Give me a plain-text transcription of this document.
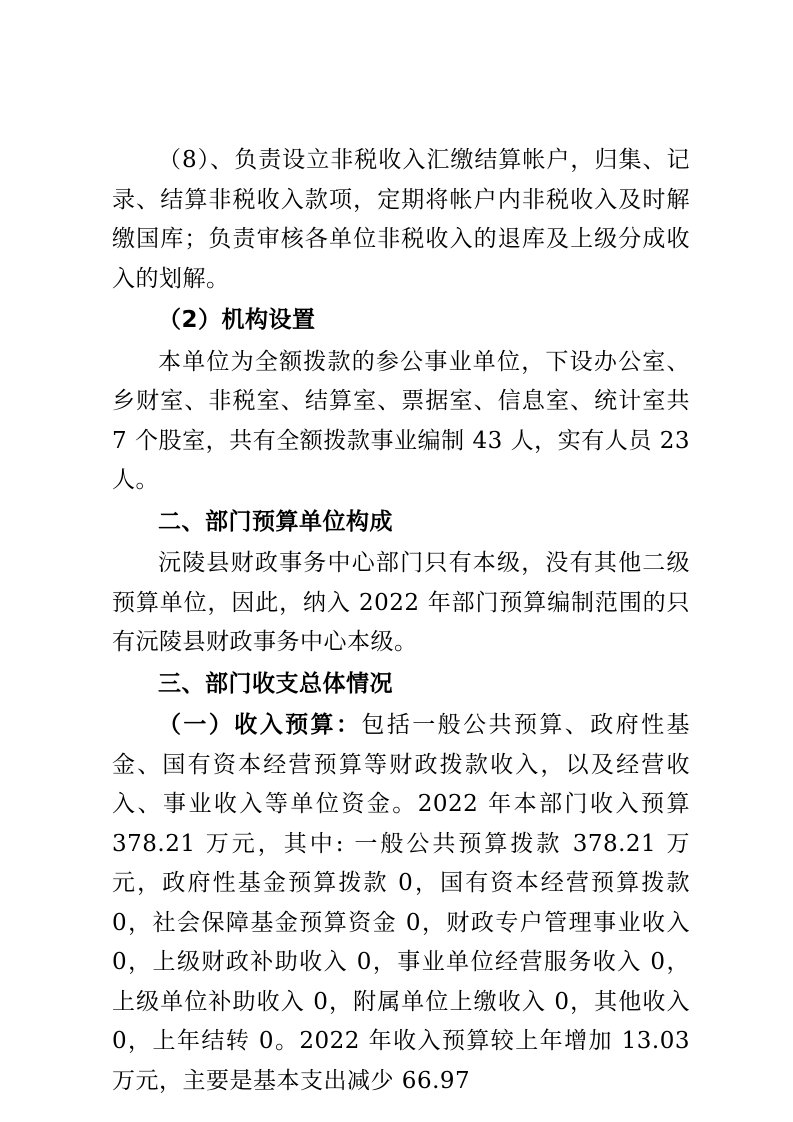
（8）、负责设立非税收入汇缴结算帐户，归集、记录、结算非税收入款项，定期将帐户内非税收入及时解缴国库；负责审核各单位非税收入的退库及上级分成收入的划解。

（2）机构设置

本单位为全额拨款的参公事业单位，下设办公室、乡财室、非税室、结算室、票据室、信息室、统计室共 7 个股室，共有全额拨款事业编制 43 人，实有人员 23 人。

二、部门预算单位构成

沅陵县财政事务中心部门只有本级，没有其他二级预算单位，因此，纳入 2022 年部门预算编制范围的只有沅陵县财政事务中心本级。

三、部门收支总体情况

（一）收入预算：包括一般公共预算、政府性基金、国有资本经营预算等财政拨款收入，以及经营收入、事业收入等单位资金。2022 年本部门收入预算 378.21 万元，其中: 一般公共预算拨款 378.21 万元，政府性基金预算拨款 0，国有资本经营预算拨款 0，社会保障基金预算资金 0，财政专户管理事业收入 0，上级财政补助收入 0，事业单位经营服务收入 0，上级单位补助收入 0，附属单位上缴收入 0，其他收入 0，上年结转 0。2022 年收入预算较上年增加 13.03 万元，主要是基本支出减少 66.97
